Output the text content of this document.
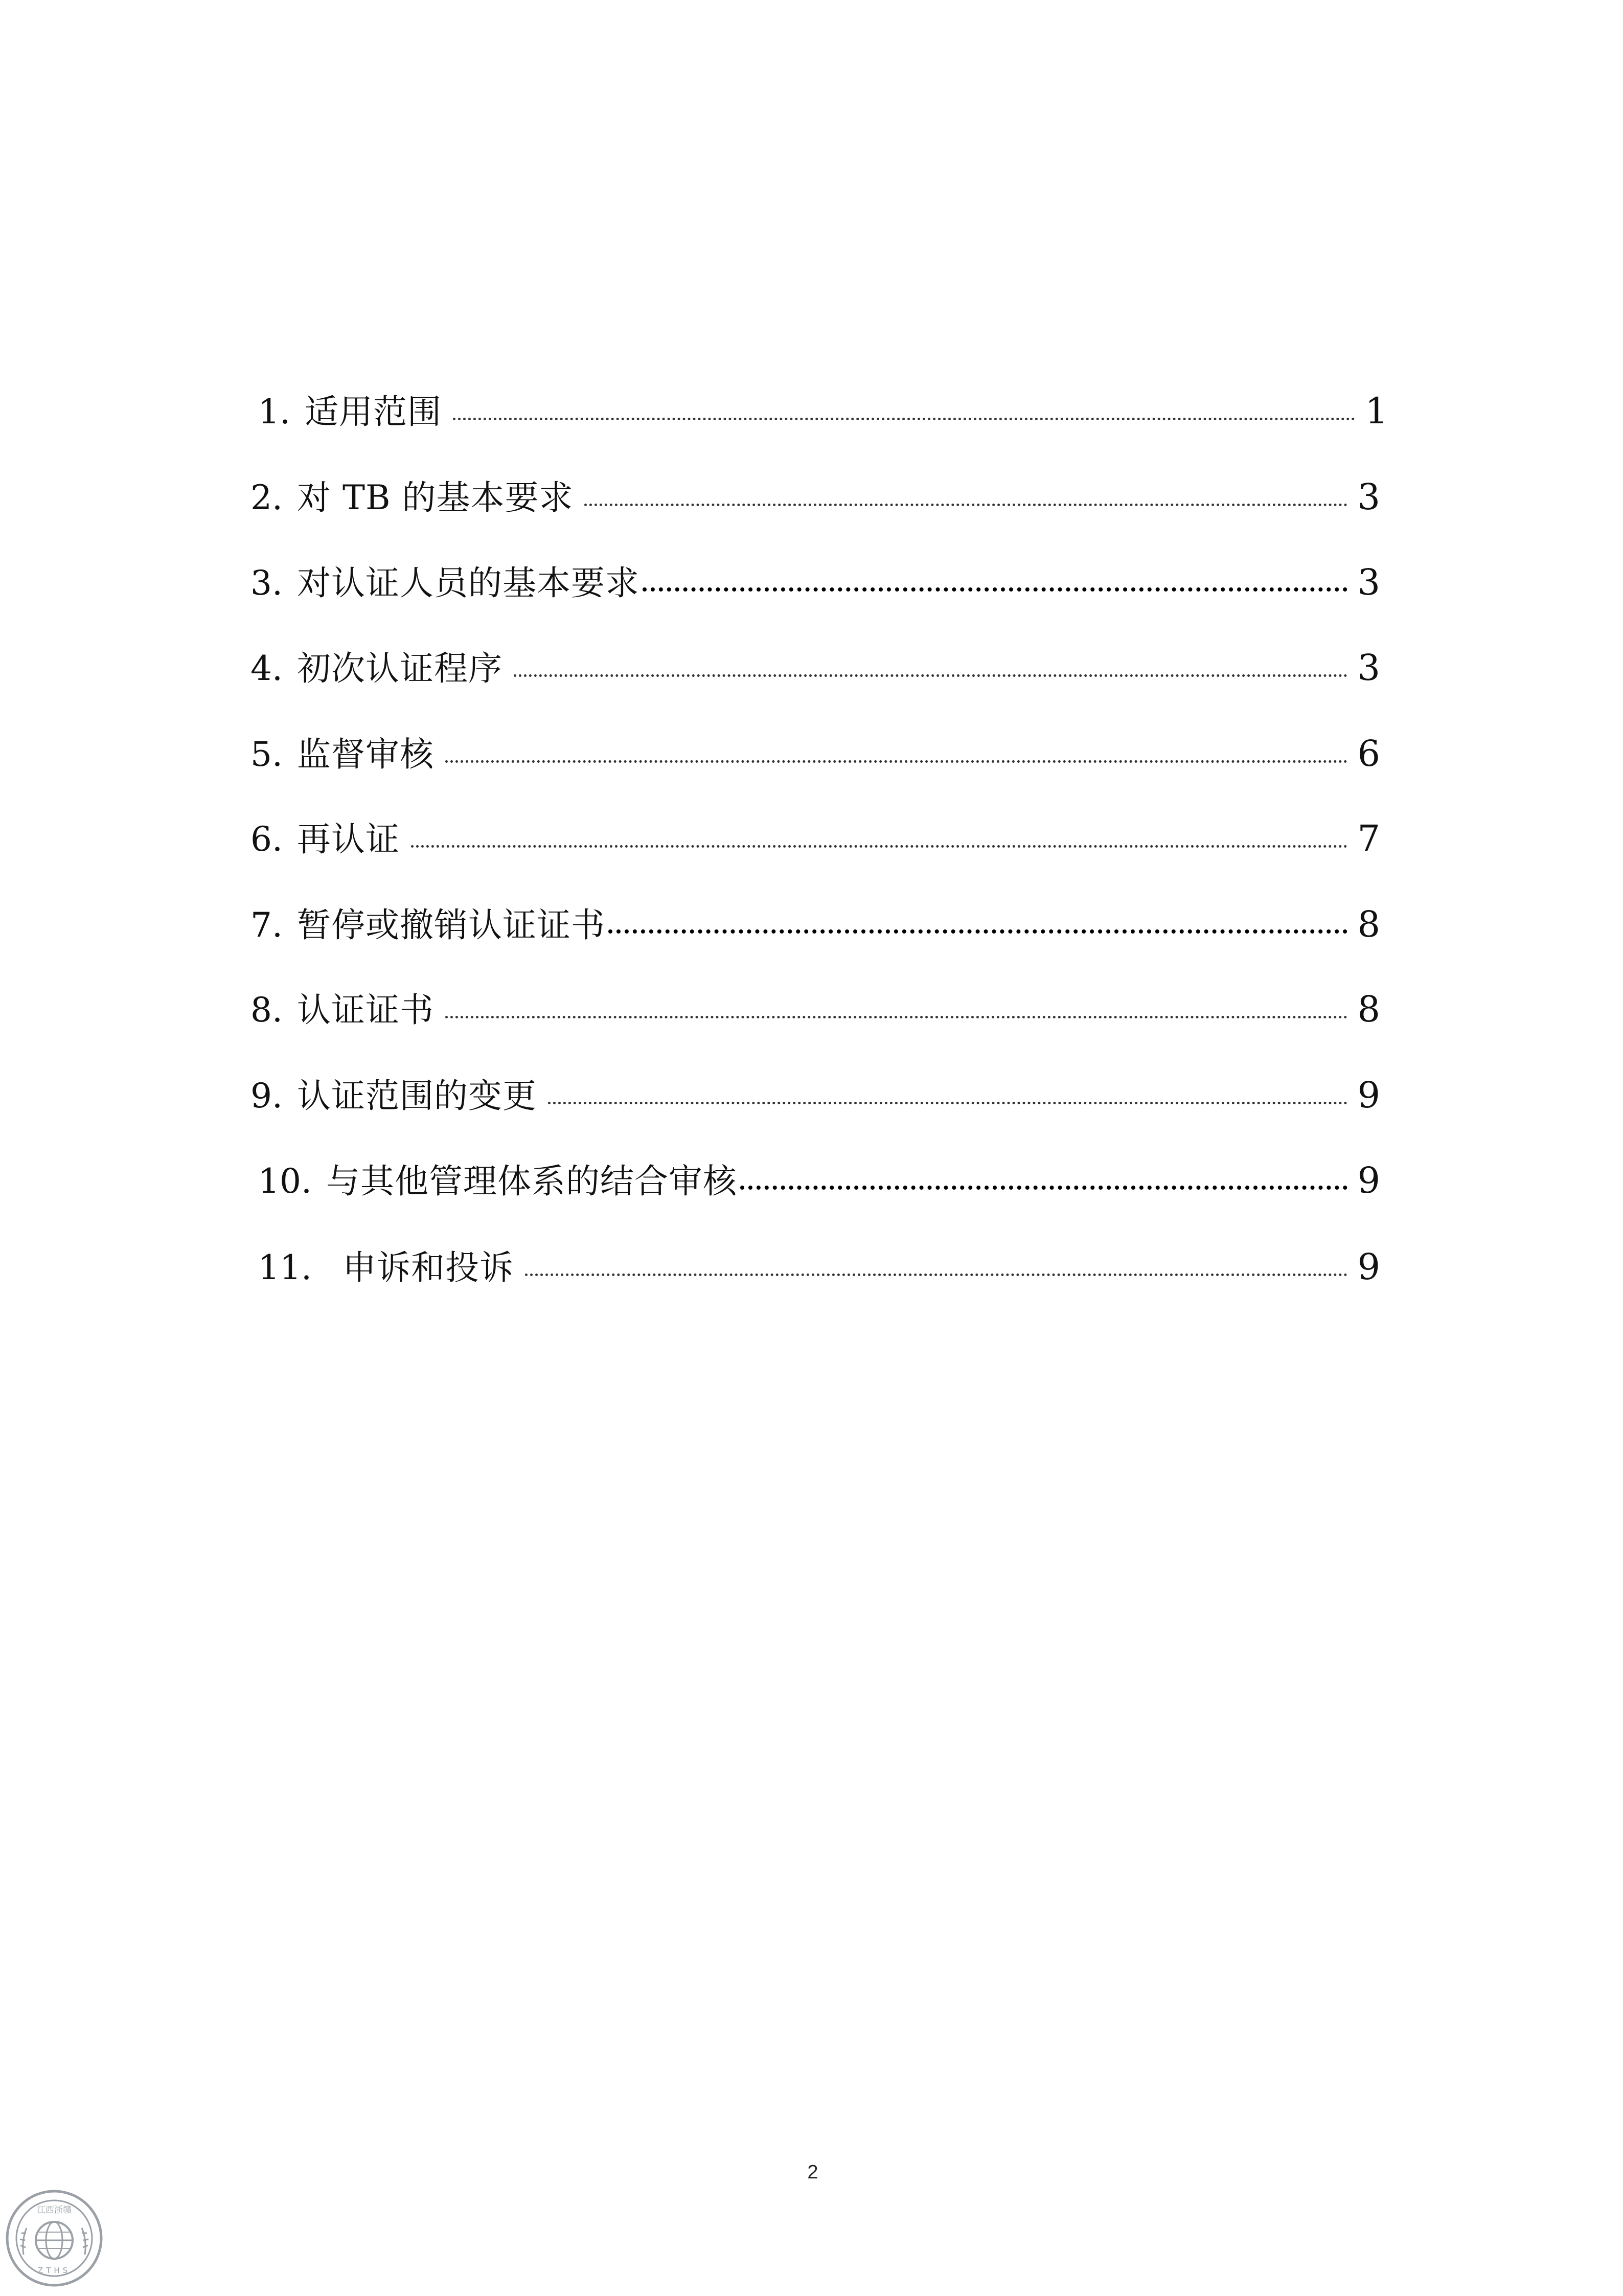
1. 适用范围	1
2. 对 TB 的基本要求	3
3. 对认证人员的基本要求	3
4. 初次认证程序	3
5. 监督审核	6
6. 再认证	7
7. 暂停或撤销认证证书	8
8. 认证证书	8
9. 认证范围的变更	9
10. 与其他管理体系的结合审核	9
11. 申诉和投诉	9
2
江西浙赣
ZTHS
